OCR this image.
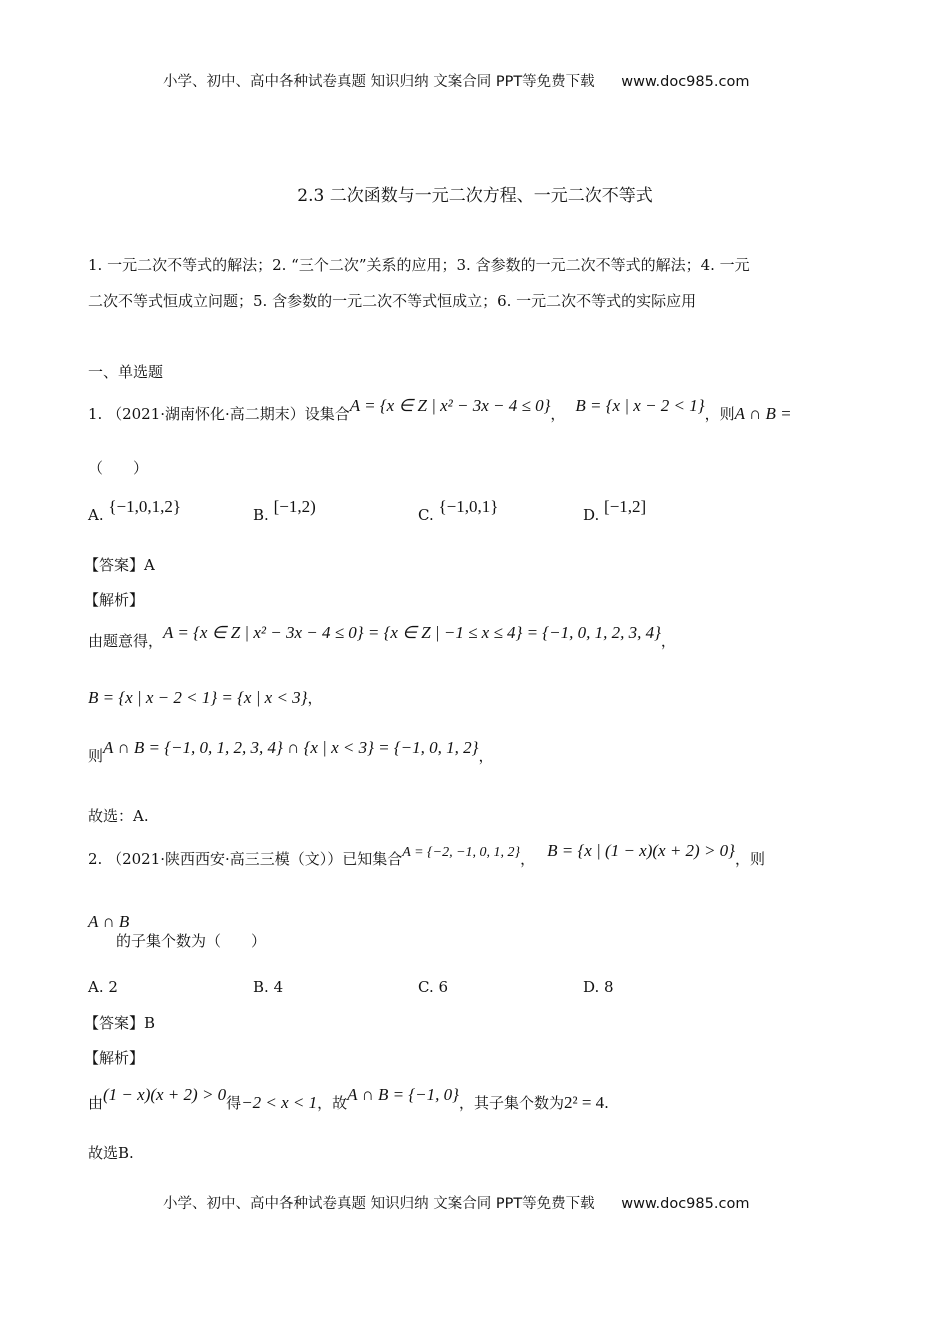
小学、初中、高中各种试卷真题 知识归纳 文案合同 PPT等免费下载 www.doc985.com
2.3 二次函数与一元二次方程、一元二次不等式
1. 一元二次不等式的解法；2. “三个二次”关系的应用；3. 含参数的一元二次不等式的解法；4. 一元
二次不等式恒成立问题；5. 含参数的一元二次不等式恒成立；6. 一元二次不等式的实际应用
一、单选题
1. （2021·湖南怀化·高二期末）设集合A = {x ∈ Z | x² − 3x − 4 ≤ 0}， B = {x | x − 2 < 1}，则A ∩ B =
（　　）
A. {−1,0,1,2}	B. [−1,2)	C. {−1,0,1}	D. [−1,2]
【答案】A
【解析】
由题意得，A = {x ∈ Z | x² − 3x − 4 ≤ 0} = {x ∈ Z | −1 ≤ x ≤ 4} = {−1, 0, 1, 2, 3, 4}，
B = {x | x − 2 < 1} = {x | x < 3}，
则A ∩ B = {−1, 0, 1, 2, 3, 4} ∩ {x | x < 3} = {−1, 0, 1, 2}，
故选：A.
2. （2021·陕西西安·高三三模（文））已知集合A = {−2, −1, 0, 1, 2}， B = {x | (1 − x)(x + 2) > 0}，则
A ∩ B
的子集个数为（　　）
A. 2	B. 4	C. 6	D. 8
【答案】B
【解析】
由(1 − x)(x + 2) > 0得−2 < x < 1，故A ∩ B = {−1, 0}，其子集个数为2² = 4.
故选B.
小学、初中、高中各种试卷真题 知识归纳 文案合同 PPT等免费下载 www.doc985.com
